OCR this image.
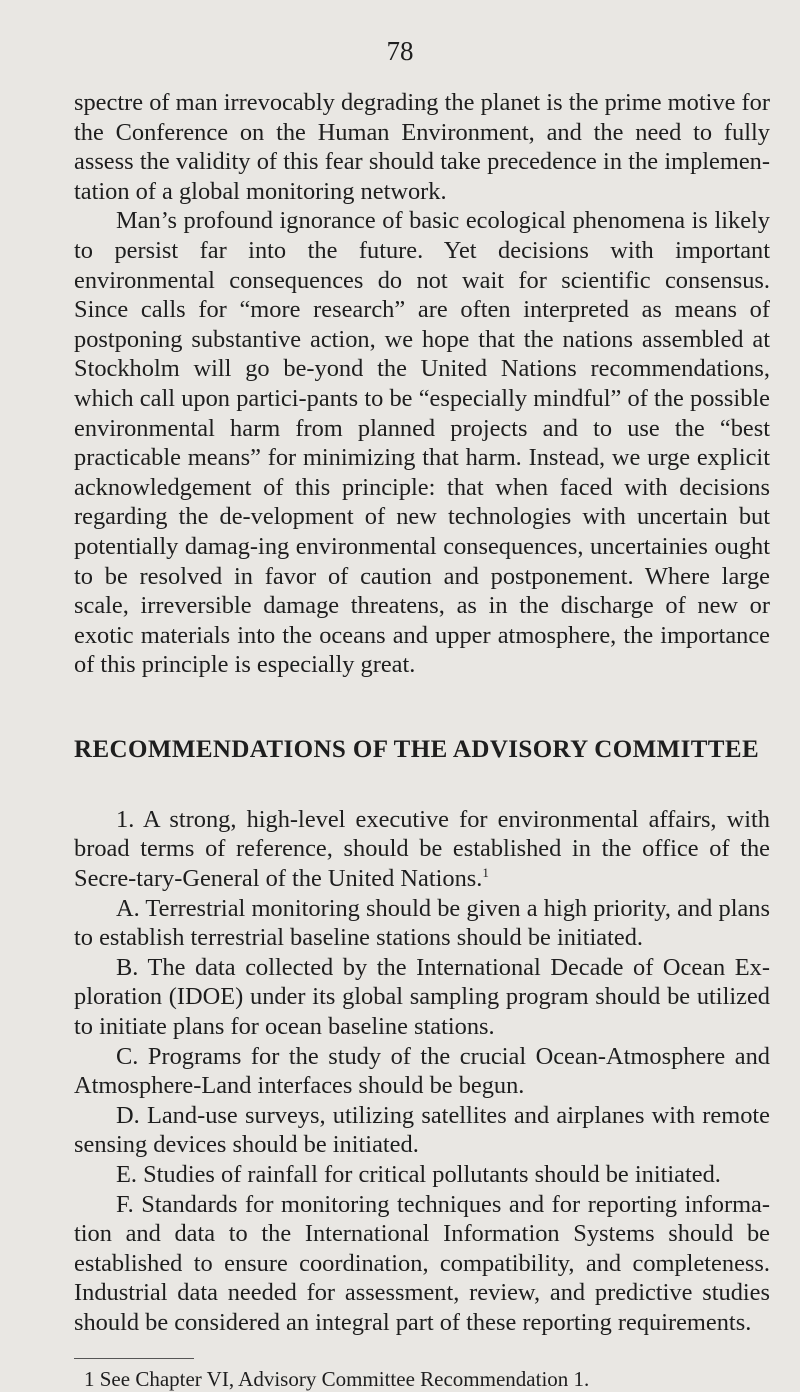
78

spectre of man irrevocably degrading the planet is the prime motive for the Conference on the Human Environment, and the need to fully assess the validity of this fear should take precedence in the implemen-tation of a global monitoring network.

Man’s profound ignorance of basic ecological phenomena is likely to persist far into the future. Yet decisions with important environmental consequences do not wait for scientific consensus. Since calls for “more research” are often interpreted as means of postponing substantive action, we hope that the nations assembled at Stockholm will go be-yond the United Nations recommendations, which call upon partici-pants to be “especially mindful” of the possible environmental harm from planned projects and to use the “best practicable means” for minimizing that harm. Instead, we urge explicit acknowledgement of this principle: that when faced with decisions regarding the de-velopment of new technologies with uncertain but potentially damag-ing environmental consequences, uncertainies ought to be resolved in favor of caution and postponement. Where large scale, irreversible damage threatens, as in the discharge of new or exotic materials into the oceans and upper atmosphere, the importance of this principle is especially great.

RECOMMENDATIONS OF THE ADVISORY COMMITTEE

1. A strong, high-level executive for environmental affairs, with broad terms of reference, should be established in the office of the Secre-tary-General of the United Nations.$^1$

A. Terrestrial monitoring should be given a high priority, and plans to establish terrestrial baseline stations should be initiated.

B. The data collected by the International Decade of Ocean Ex-ploration (IDOE) under its global sampling program should be utilized to initiate plans for ocean baseline stations.

C. Programs for the study of the crucial Ocean-Atmosphere and Atmosphere-Land interfaces should be begun.

D. Land-use surveys, utilizing satellites and airplanes with remote sensing devices should be initiated.

E. Studies of rainfall for critical pollutants should be initiated.

F. Standards for monitoring techniques and for reporting informa-tion and data to the International Information Systems should be established to ensure coordination, compatibility, and completeness. Industrial data needed for assessment, review, and predictive studies should be considered an integral part of these reporting requirements.

1 See Chapter VI, Advisory Committee Recommendation 1.
